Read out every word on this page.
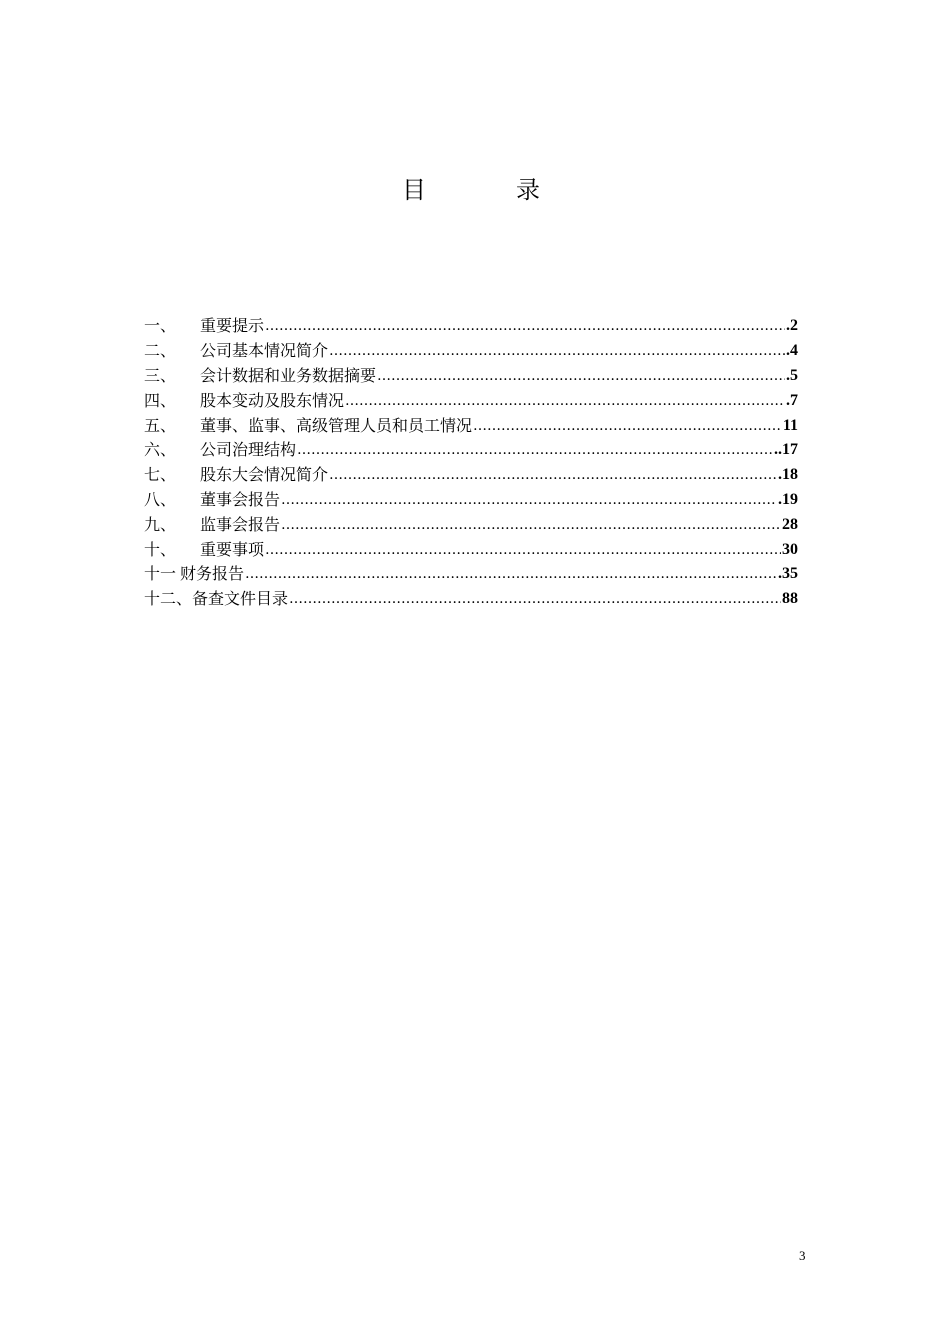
目	录
一、	重要提示 ……………………………………………………………………………………………………………………………………………………………………	.2
二、	公司基本情况简介 ……………………………………………………………………………………………………………………………………………………………………	.4
三、	会计数据和业务数据摘要 ……………………………………………………………………………………………………………………………………………………………………	.5
四、	股本变动及股东情况 ……………………………………………………………………………………………………………………………………………………………………	.7
五、	董事、监事、高级管理人员和员工情况 ……………………………………………………………………………………………………………………………………………………………………	11
六、	公司治理结构 ……………………………………………………………………………………………………………………………………………………………………	..17
七、	股东大会情况简介 ……………………………………………………………………………………………………………………………………………………………………	.18
八、	董事会报告 ……………………………………………………………………………………………………………………………………………………………………	.19
九、	监事会报告 ……………………………………………………………………………………………………………………………………………………………………	28
十、	重要事项 ……………………………………………………………………………………………………………………………………………………………………	30
十一 财务报告 ……………………………………………………………………………………………………………………………………………………………………	.35
十二、 备查文件目录 ……………………………………………………………………………………………………………………………………………………………………	88
3
